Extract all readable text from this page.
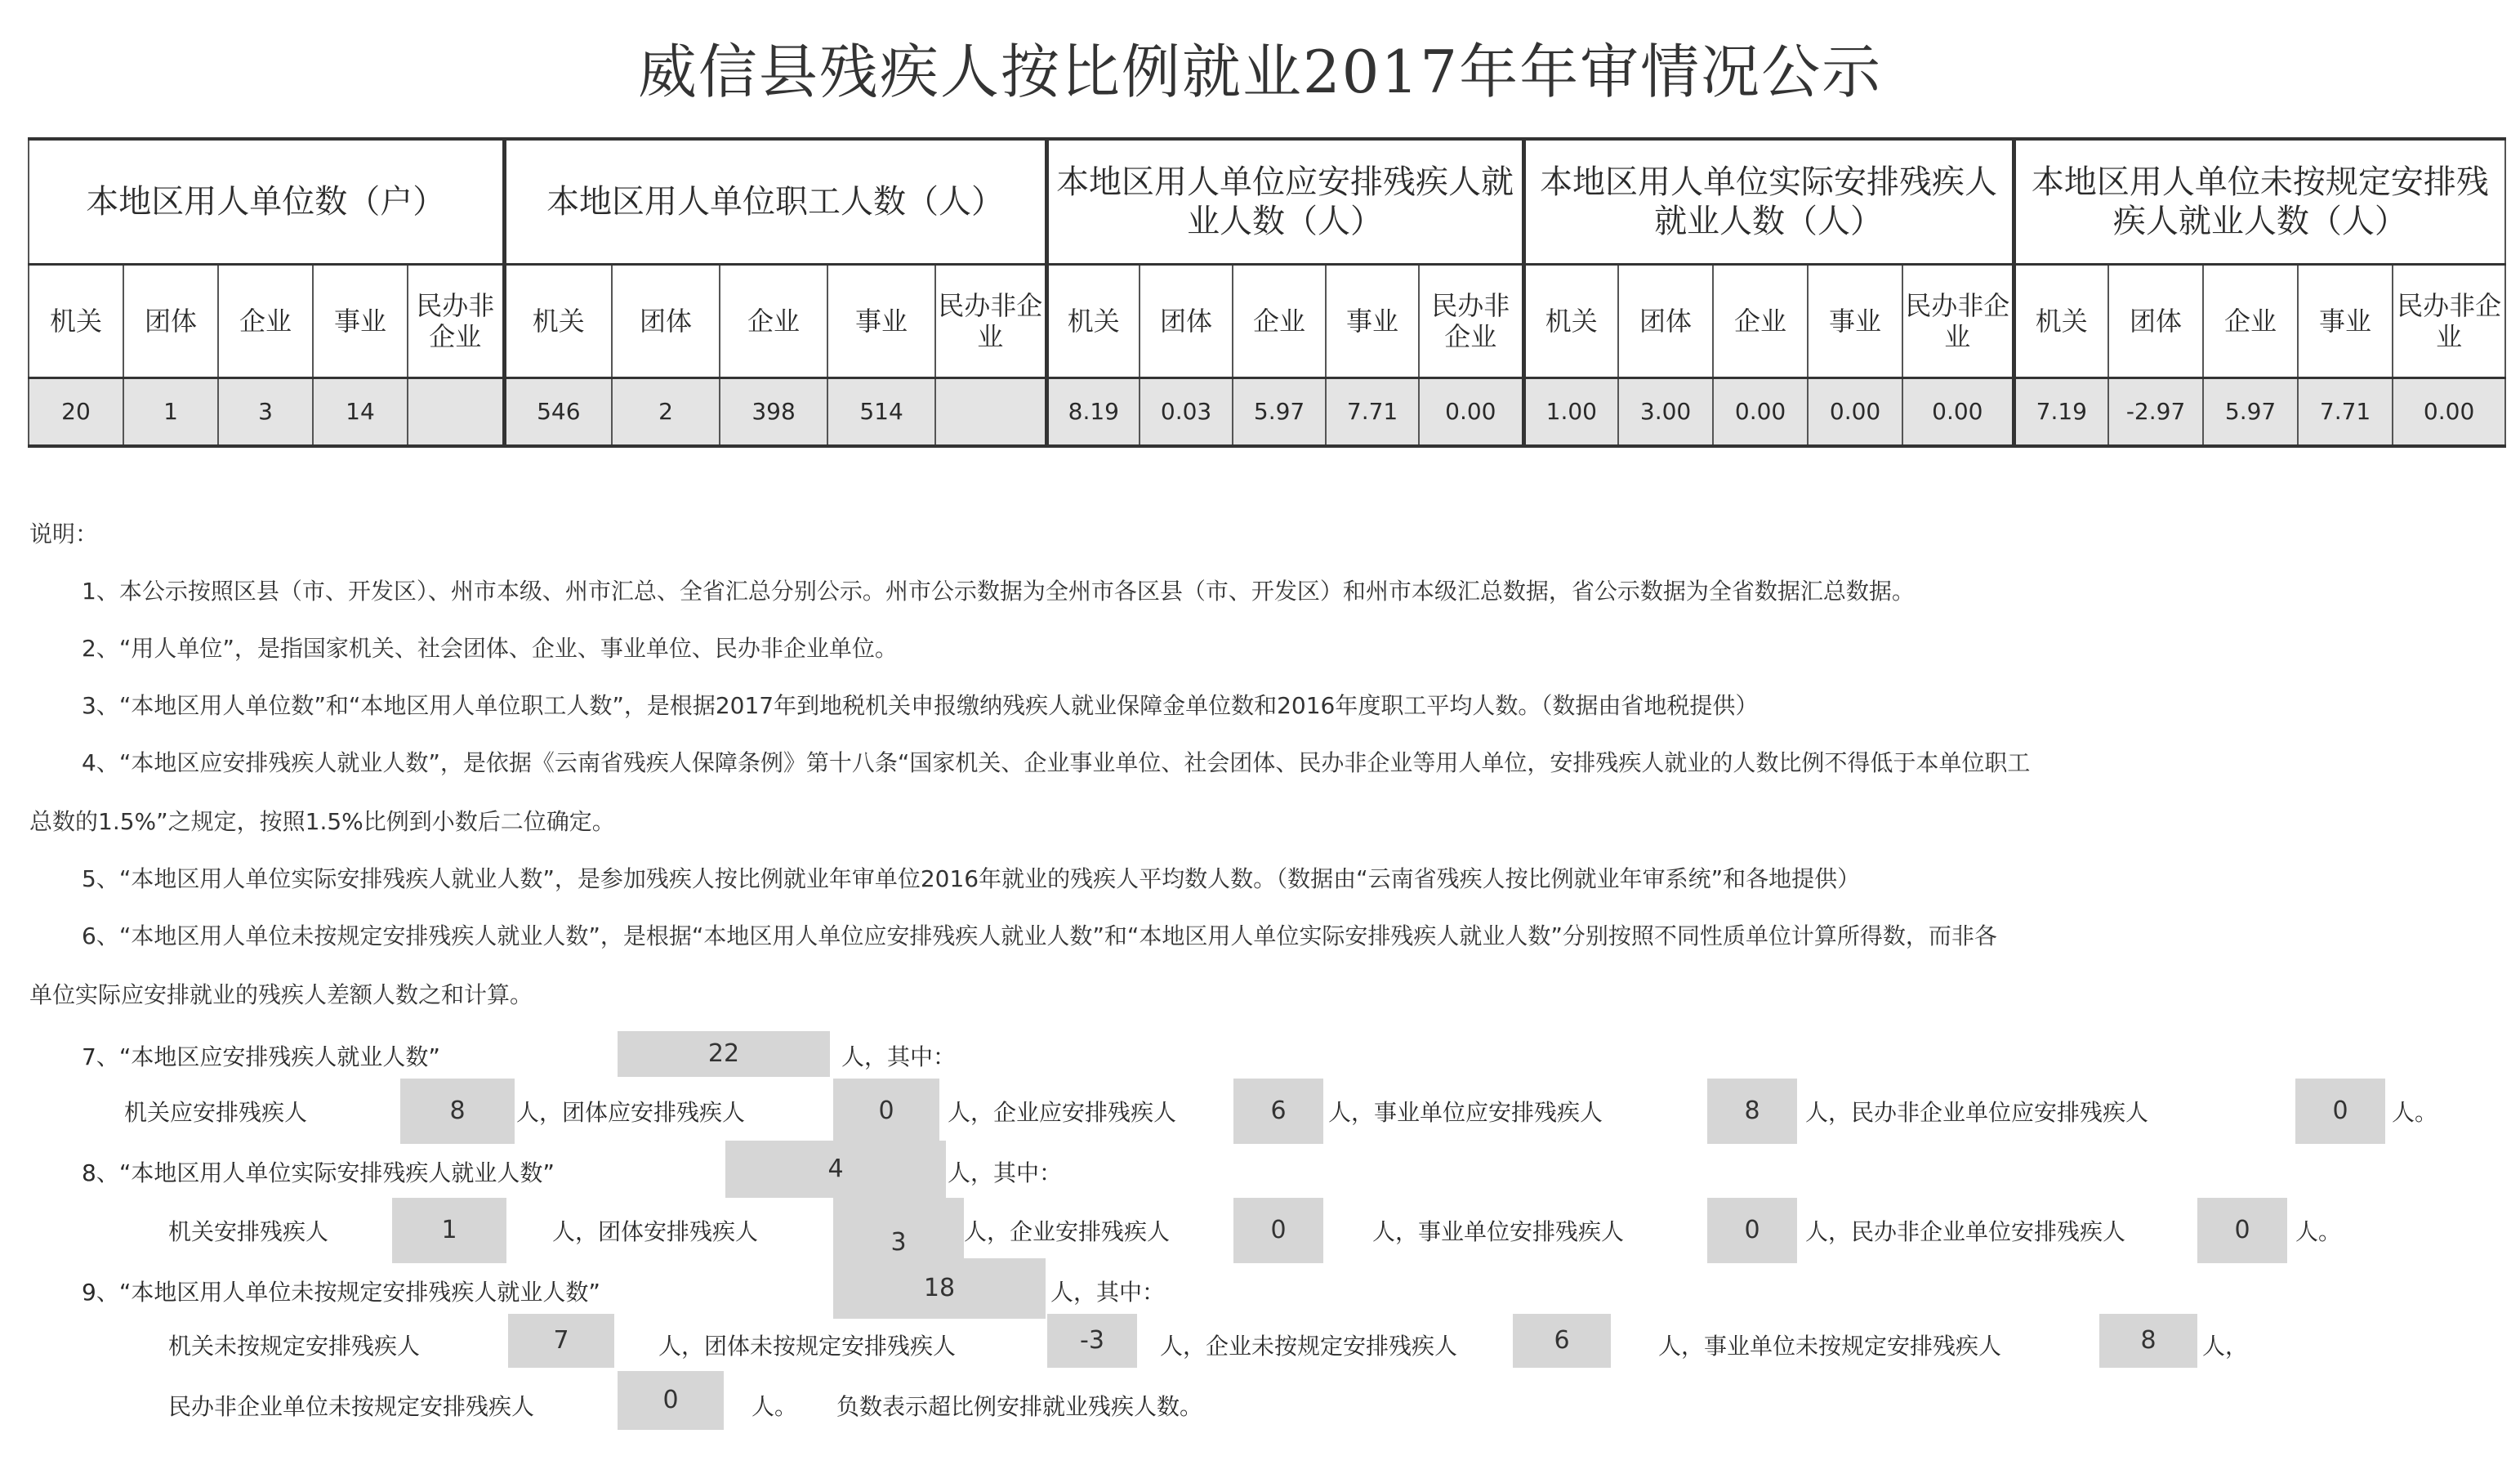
威信县残疾人按比例就业2017年年审情况公示
本地区用人单位数（户）					本地区用人单位职工人数（人）					本地区用人单位应安排残疾人就业人数（人）					本地区用人单位实际安排残疾人就业人数（人）					本地区用人单位未按规定安排残疾人就业人数（人）				
机关	团体	企业	事业	民办非企业	机关	团体	企业	事业	民办非企业	机关	团体	企业	事业	民办非企业	机关	团体	企业	事业	民办非企业	机关	团体	企业	事业	民办非企业
20	1	3	14		546	2	398	514		8.19	0.03	5.97	7.71	0.00	1.00	3.00	0.00	0.00	0.00	7.19	-2.97	5.97	7.71	0.00
说明：
1、本公示按照区县（市、开发区）、州市本级、州市汇总、全省汇总分别公示。州市公示数据为全州市各区县（市、开发区）和州市本级汇总数据，省公示数据为全省数据汇总数据。
2、“用人单位”，是指国家机关、社会团体、企业、事业单位、民办非企业单位。
3、“本地区用人单位数”和“本地区用人单位职工人数”，是根据2017年到地税机关申报缴纳残疾人就业保障金单位数和2016年度职工平均人数。（数据由省地税提供）
4、“本地区应安排残疾人就业人数”，是依据《云南省残疾人保障条例》第十八条“国家机关、企业事业单位、社会团体、民办非企业等用人单位，安排残疾人就业的人数比例不得低于本单位职工
总数的1.5%”之规定，按照1.5%比例到小数后二位确定。
5、“本地区用人单位实际安排残疾人就业人数”，是参加残疾人按比例就业年审单位2016年就业的残疾人平均数人数。（数据由“云南省残疾人按比例就业年审系统”和各地提供）
6、“本地区用人单位未按规定安排残疾人就业人数”，是根据“本地区用人单位应安排残疾人就业人数”和“本地区用人单位实际安排残疾人就业人数”分别按照不同性质单位计算所得数，而非各
单位实际应安排就业的残疾人差额人数之和计算。
7、“本地区应安排残疾人就业人数”	22	人，其中：
机关应安排残疾人	8	人，团体应安排残疾人	0	人，企业应安排残疾人	6	人，事业单位应安排残疾人	8	人，民办非企业单位应安排残疾人	0	人。
8、“本地区用人单位实际安排残疾人就业人数”	4	人，其中：
机关安排残疾人	1	人，团体安排残疾人	3	人，企业安排残疾人	0	人，事业单位安排残疾人	0	人，民办非企业单位安排残疾人	0	人。
9、“本地区用人单位未按规定安排残疾人就业人数”	18	人，其中：
机关未按规定安排残疾人	7	人，团体未按规定安排残疾人	-3	人，企业未按规定安排残疾人	6	人，事业单位未按规定安排残疾人	8	人，
民办非企业单位未按规定安排残疾人	0	人。 负数表示超比例安排就业残疾人数。
